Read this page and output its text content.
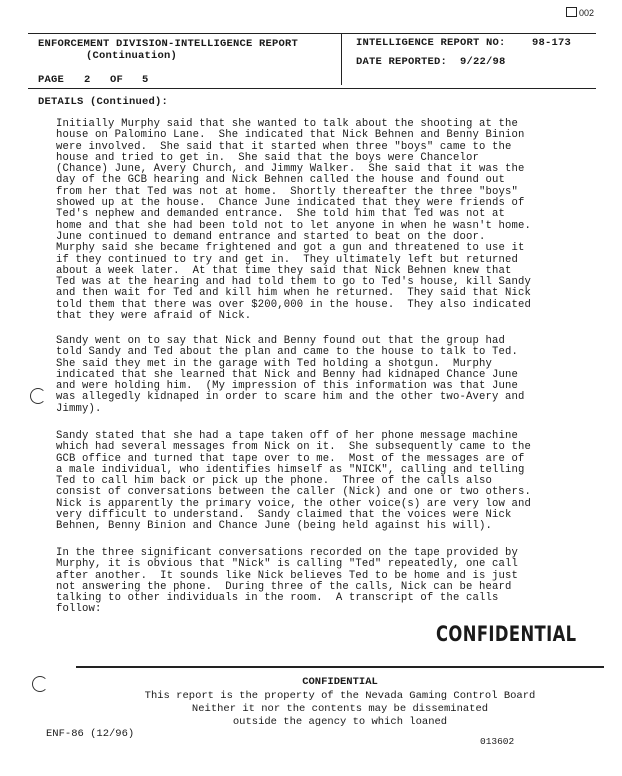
002
ENFORCEMENT DIVISION-INTELLIGENCE REPORT
(Continuation)
INTELLIGENCE REPORT NO:	98-173
DATE REPORTED: 9/22/98
PAGE 2 OF 5
DETAILS (Continued):
Initially Murphy said that she wanted to talk about the shooting at the
house on Palomino Lane.  She indicated that Nick Behnen and Benny Binion
were involved.  She said that it started when three "boys" came to the
house and tried to get in.  She said that the boys were Chancelor
(Chance) June, Avery Church, and Jimmy Walker.  She said that it was the
day of the GCB hearing and Nick Behnen called the house and found out
from her that Ted was not at home.  Shortly thereafter the three "boys"
showed up at the house.  Chance June indicated that they were friends of
Ted's nephew and demanded entrance.  She told him that Ted was not at
home and that she had been told not to let anyone in when he wasn't home.
June continued to demand entrance and started to beat on the door.
Murphy said she became frightened and got a gun and threatened to use it
if they continued to try and get in.  They ultimately left but returned
about a week later.  At that time they said that Nick Behnen knew that
Ted was at the hearing and had told them to go to Ted's house, kill Sandy
and then wait for Ted and kill him when he returned.  They said that Nick
told them that there was over $200,000 in the house.  They also indicated
that they were afraid of Nick.
Sandy went on to say that Nick and Benny found out that the group had
told Sandy and Ted about the plan and came to the house to talk to Ted.
She said they met in the garage with Ted holding a shotgun.  Murphy
indicated that she learned that Nick and Benny had kidnaped Chance June
and were holding him.  (My impression of this information was that June
was allegedly kidnaped in order to scare him and the other two-Avery and
Jimmy).
Sandy stated that she had a tape taken off of her phone message machine
which had several messages from Nick on it.  She subsequently came to the
GCB office and turned that tape over to me.  Most of the messages are of
a male individual, who identifies himself as "NICK", calling and telling
Ted to call him back or pick up the phone.  Three of the calls also
consist of conversations between the caller (Nick) and one or two others.
Nick is apparently the primary voice, the other voice(s) are very low and
very difficult to understand.  Sandy claimed that the voices were Nick
Behnen, Benny Binion and Chance June (being held against his will).
In the three significant conversations recorded on the tape provided by
Murphy, it is obvious that "Nick" is calling "Ted" repeatedly, one call
after another.  It sounds like Nick believes Ted to be home and is just
not answering the phone.  During three of the calls, Nick can be heard
talking to other individuals in the room.  A transcript of the calls
follow:
CONFIDENTIAL
CONFIDENTIAL
This report is the property of the Nevada Gaming Control Board
Neither it nor the contents may be disseminated
outside the agency to which loaned
ENF-86 (12/96)
013602
